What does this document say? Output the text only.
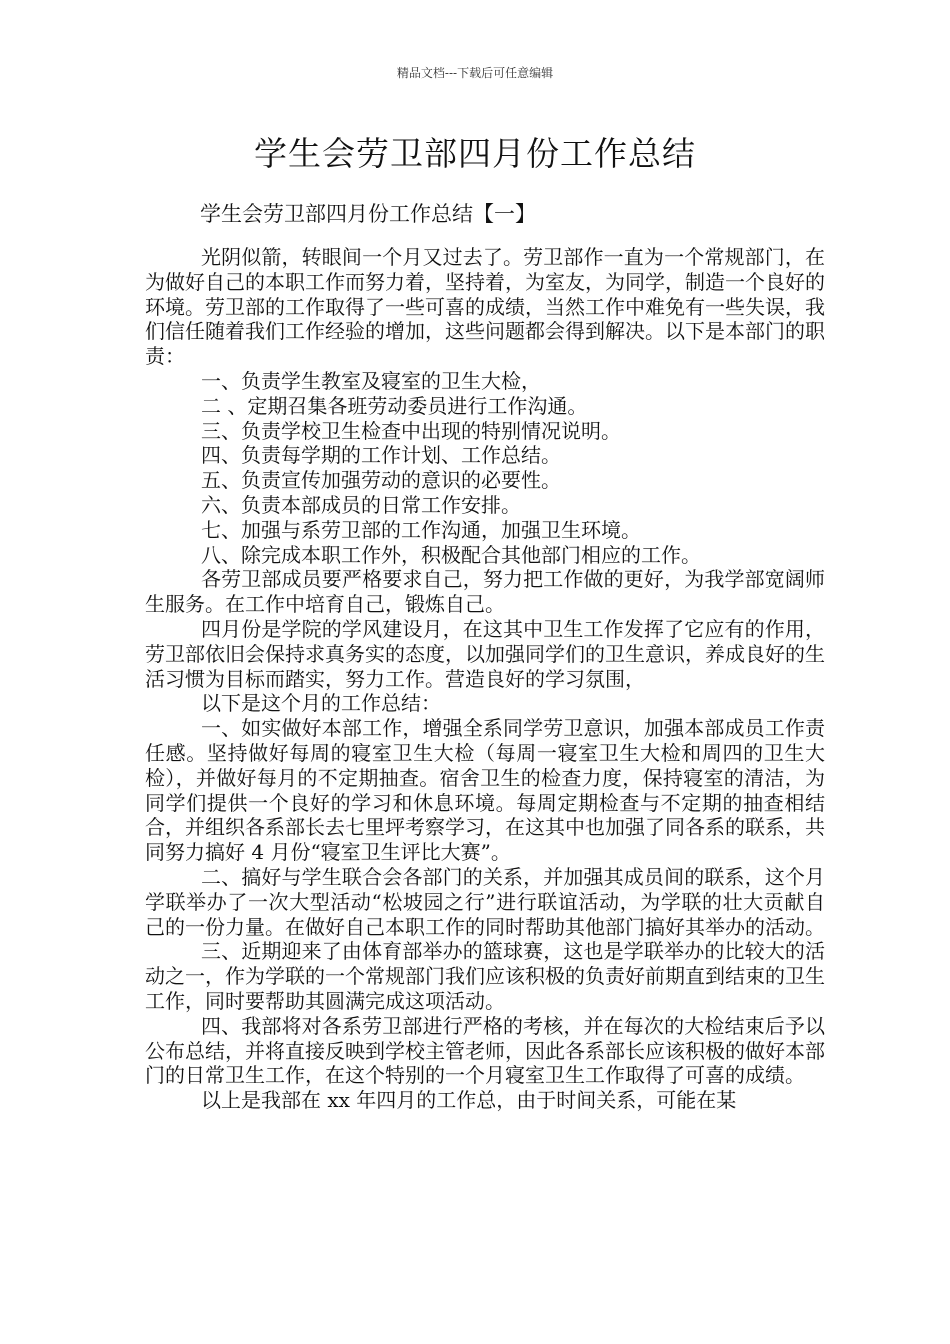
精品文档---下载后可任意编辑
学生会劳卫部四月份工作总结
学生会劳卫部四月份工作总结【一】

光阴似箭，转眼间一个月又过去了。劳卫部作一直为一个常规部门，在为做好自己的本职工作而努力着，坚持着，为室友，为同学，制造一个良好的环境。劳卫部的工作取得了一些可喜的成绩，当然工作中难免有一些失误，我们信任随着我们工作经验的增加，这些问题都会得到解决。以下是本部门的职责：

一、负责学生教室及寝室的卫生大检，

二 、定期召集各班劳动委员进行工作沟通。

三、负责学校卫生检查中出现的特别情况说明。

四、负责每学期的工作计划、工作总结。

五、负责宣传加强劳动的意识的必要性。

六、负责本部成员的日常工作安排。

七、加强与系劳卫部的工作沟通，加强卫生环境。

八、除完成本职工作外，积极配合其他部门相应的工作。

各劳卫部成员要严格要求自己，努力把工作做的更好，为我学部宽阔师生服务。在工作中培育自己，锻炼自己。

四月份是学院的学风建设月，在这其中卫生工作发挥了它应有的作用，劳卫部依旧会保持求真务实的态度，以加强同学们的卫生意识，养成良好的生活习惯为目标而踏实，努力工作。营造良好的学习氛围，

以下是这个月的工作总结：

一、如实做好本部工作，增强全系同学劳卫意识，加强本部成员工作责任感。坚持做好每周的寝室卫生大检（每周一寝室卫生大检和周四的卫生大检），并做好每月的不定期抽查。宿舍卫生的检查力度，保持寝室的清洁，为同学们提供一个良好的学习和休息环境。每周定期检查与不定期的抽查相结合，并组织各系部长去七里坪考察学习，在这其中也加强了同各系的联系，共同努力搞好 4 月份“寝室卫生评比大赛”。

二、搞好与学生联合会各部门的关系，并加强其成员间的联系，这个月学联举办了一次大型活动“松坡园之行”进行联谊活动，为学联的壮大贡献自己的一份力量。在做好自己本职工作的同时帮助其他部门搞好其举办的活动。

三、近期迎来了由体育部举办的篮球赛，这也是学联举办的比较大的活动之一，作为学联的一个常规部门我们应该积极的负责好前期直到结束的卫生工作，同时要帮助其圆满完成这项活动。

四、我部将对各系劳卫部进行严格的考核，并在每次的大检结束后予以公布总结，并将直接反映到学校主管老师，因此各系部长应该积极的做好本部门的日常卫生工作，在这个特别的一个月寝室卫生工作取得了可喜的成绩。

以上是我部在 xx 年四月的工作总，由于时间关系，可能在某
